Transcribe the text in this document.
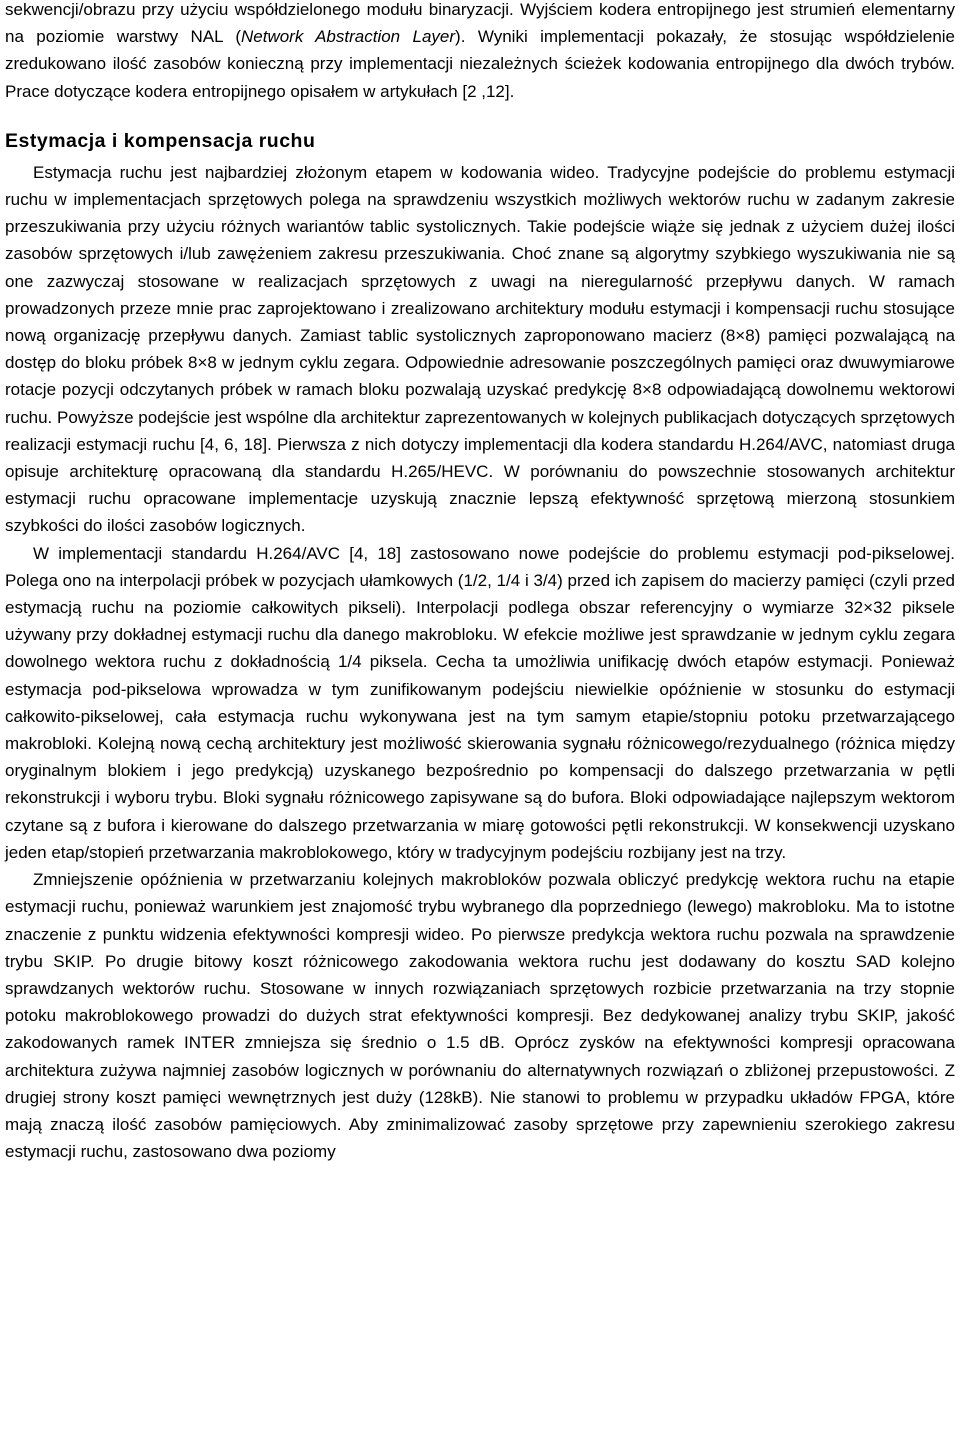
sekwencji/obrazu przy użyciu współdzielonego modułu binaryzacji. Wyjściem kodera entropijnego jest strumień elementarny na poziomie warstwy NAL (Network Abstraction Layer). Wyniki implementacji pokazały, że stosując współdzielenie zredukowano ilość zasobów konieczną przy implementacji niezależnych ścieżek kodowania entropijnego dla dwóch trybów. Prace dotyczące kodera entropijnego opisałem w artykułach [2 ,12].

Estymacja i kompensacja ruchu

Estymacja ruchu jest najbardziej złożonym etapem w kodowania wideo. Tradycyjne podejście do problemu estymacji ruchu w implementacjach sprzętowych polega na sprawdzeniu wszystkich możliwych wektorów ruchu w zadanym zakresie przeszukiwania przy użyciu różnych wariantów tablic systolicznych. Takie podejście wiąże się jednak z użyciem dużej ilości zasobów sprzętowych i/lub zawężeniem zakresu przeszukiwania. Choć znane są algorytmy szybkiego wyszukiwania nie są one zazwyczaj stosowane w realizacjach sprzętowych z uwagi na nieregularność przepływu danych. W ramach prowadzonych przeze mnie prac zaprojektowano i zrealizowano architektury modułu estymacji i kompensacji ruchu stosujące nową organizację przepływu danych. Zamiast tablic systolicznych zaproponowano macierz (8×8) pamięci pozwalającą na dostęp do bloku próbek 8×8 w jednym cyklu zegara. Odpowiednie adresowanie poszczególnych pamięci oraz dwuwymiarowe rotacje pozycji odczytanych próbek w ramach bloku pozwalają uzyskać predykcję 8×8 odpowiadającą dowolnemu wektorowi ruchu. Powyższe podejście jest wspólne dla architektur zaprezentowanych w kolejnych publikacjach dotyczących sprzętowych realizacji estymacji ruchu [4, 6, 18]. Pierwsza z nich dotyczy implementacji dla kodera standardu H.264/AVC, natomiast druga opisuje architekturę opracowaną dla standardu H.265/HEVC. W porównaniu do powszechnie stosowanych architektur estymacji ruchu opracowane implementacje uzyskują znacznie lepszą efektywność sprzętową mierzoną stosunkiem szybkości do ilości zasobów logicznych.

W implementacji standardu H.264/AVC [4, 18] zastosowano nowe podejście do problemu estymacji pod-pikselowej. Polega ono na interpolacji próbek w pozycjach ułamkowych (1/2, 1/4 i 3/4) przed ich zapisem do macierzy pamięci (czyli przed estymacją ruchu na poziomie całkowitych pikseli). Interpolacji podlega obszar referencyjny o wymiarze 32×32 piksele używany przy dokładnej estymacji ruchu dla danego makrobloku. W efekcie możliwe jest sprawdzanie w jednym cyklu zegara dowolnego wektora ruchu z dokładnością 1/4 piksela. Cecha ta umożliwia unifikację dwóch etapów estymacji. Ponieważ estymacja pod-pikselowa wprowadza w tym zunifikowanym podejściu niewielkie opóźnienie w stosunku do estymacji całkowito-pikselowej, cała estymacja ruchu wykonywana jest na tym samym etapie/stopniu potoku przetwarzającego makrobloki. Kolejną nową cechą architektury jest możliwość skierowania sygnału różnicowego/rezydualnego (różnica między oryginalnym blokiem i jego predykcją) uzyskanego bezpośrednio po kompensacji do dalszego przetwarzania w pętli rekonstrukcji i wyboru trybu. Bloki sygnału różnicowego zapisywane są do bufora. Bloki odpowiadające najlepszym wektorom czytane są z bufora i kierowane do dalszego przetwarzania w miarę gotowości pętli rekonstrukcji. W konsekwencji uzyskano jeden etap/stopień przetwarzania makroblokowego, który w tradycyjnym podejściu rozbijany jest na trzy.

Zmniejszenie opóźnienia w przetwarzaniu kolejnych makrobloków pozwala obliczyć predykcję wektora ruchu na etapie estymacji ruchu, ponieważ warunkiem jest znajomość trybu wybranego dla poprzedniego (lewego) makrobloku. Ma to istotne znaczenie z punktu widzenia efektywności kompresji wideo. Po pierwsze predykcja wektora ruchu pozwala na sprawdzenie trybu SKIP. Po drugie bitowy koszt różnicowego zakodowania wektora ruchu jest dodawany do kosztu SAD kolejno sprawdzanych wektorów ruchu. Stosowane w innych rozwiązaniach sprzętowych rozbicie przetwarzania na trzy stopnie potoku makroblokowego prowadzi do dużych strat efektywności kompresji. Bez dedykowanej analizy trybu SKIP, jakość zakodowanych ramek INTER zmniejsza się średnio o 1.5 dB. Oprócz zysków na efektywności kompresji opracowana architektura zużywa najmniej zasobów logicznych w porównaniu do alternatywnych rozwiązań o zbliżonej przepustowości. Z drugiej strony koszt pamięci wewnętrznych jest duży (128kB). Nie stanowi to problemu w przypadku układów FPGA, które mają znaczą ilość zasobów pamięciowych. Aby zminimalizować zasoby sprzętowe przy zapewnieniu szerokiego zakresu estymacji ruchu, zastosowano dwa poziomy
